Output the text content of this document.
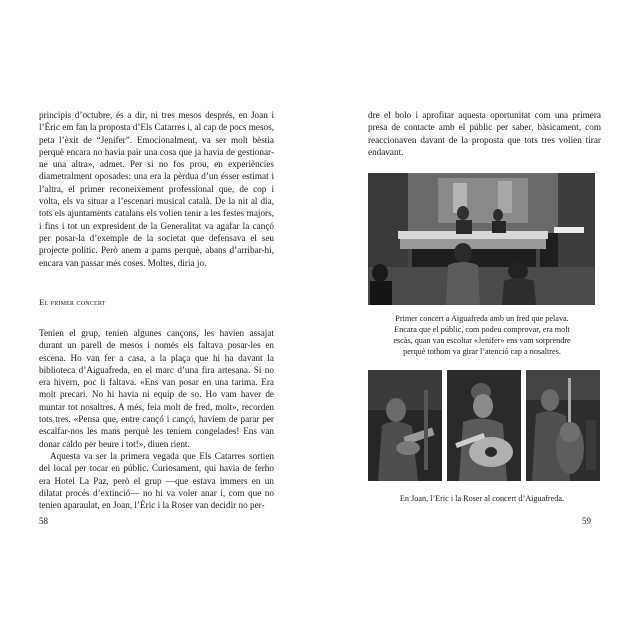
principis d’octubre, és a dir, ni tres mesos després, en Joan i l’Èric em fan la proposta d’Els Catarres i, al cap de pocs mesos, peta l’èxit de “Jenifer”. Emocionalment, va ser molt bèstia perquè encara no havia païr una cosa que ja havia de gestionar-ne una altra», admet. Per si no fos prou, en experiències diametralment oposades: una era la pèrdua d’un ésser estimat i l’altra, el primer reconeixement professional que, de cop i volta, els va situar a l’escenari musical català. De la nit al dia, tots els ajuntaments catalans els volien tenir a les festes majors, i fins i tot un expresident de la Generalitat va agafar la cançó per posar-la d’exemple de la societat que defensava el seu projecte polític. Però anem a pams perquè, abans d’arribar-hi, encara van passar més coses. Moltes, diria jo.

El primer concert

Tenien el grup, tenien algunes cançons, les havien assajat durant un parell de mesos i només els faltava posar-les en escena. Ho van fer a casa, a la plaça que hi ha davant la biblioteca d’Aiguafreda, en el marc d’una fira artesana. Si no era hivern, poc li faltava. «Ens van posar en una tarima. Era molt precari. No hi havia ni equip de so. Ho vam haver de muntar tot nosaltres. A més, feia molt de fred, molt», recorden tots tres. «Pensa que, entre cançó i cançó, havíem de parar per escalfar-nos les mans perquè les teníem congelades! Ens van donar caldo per beure i tot!», diuen rient.

Aquesta va ser la primera vegada que Els Catarres sortien del local per tocar en públic. Curiosament, qui havia de ferho era Hotel La Paz, però el grup —que estava immers en un dilatat procés d’extinció— no hi va voler anar i, com que no tenien aparaulat, en Joan, l’Èric i la Roser van decidir no per-

58

dre el bolo i aprofitar aquesta oportunitat com una primera presa de contacte amb el públic per saber, bàsicament, com reaccionaven davant de la proposta que tots tres volien tirar endavant.

Primer concert a Aiguafreda amb un fred que pelava.

Encara que el públic, com podeu comprovar, era molt

escàs, quan van escoltar «Jenifer» ens vam sorprendre

perquè tothom va girar l’atenció cap a nosaltres.

En Joan, l’Eric i la Roser al concert d’Aiguafreda.
59
